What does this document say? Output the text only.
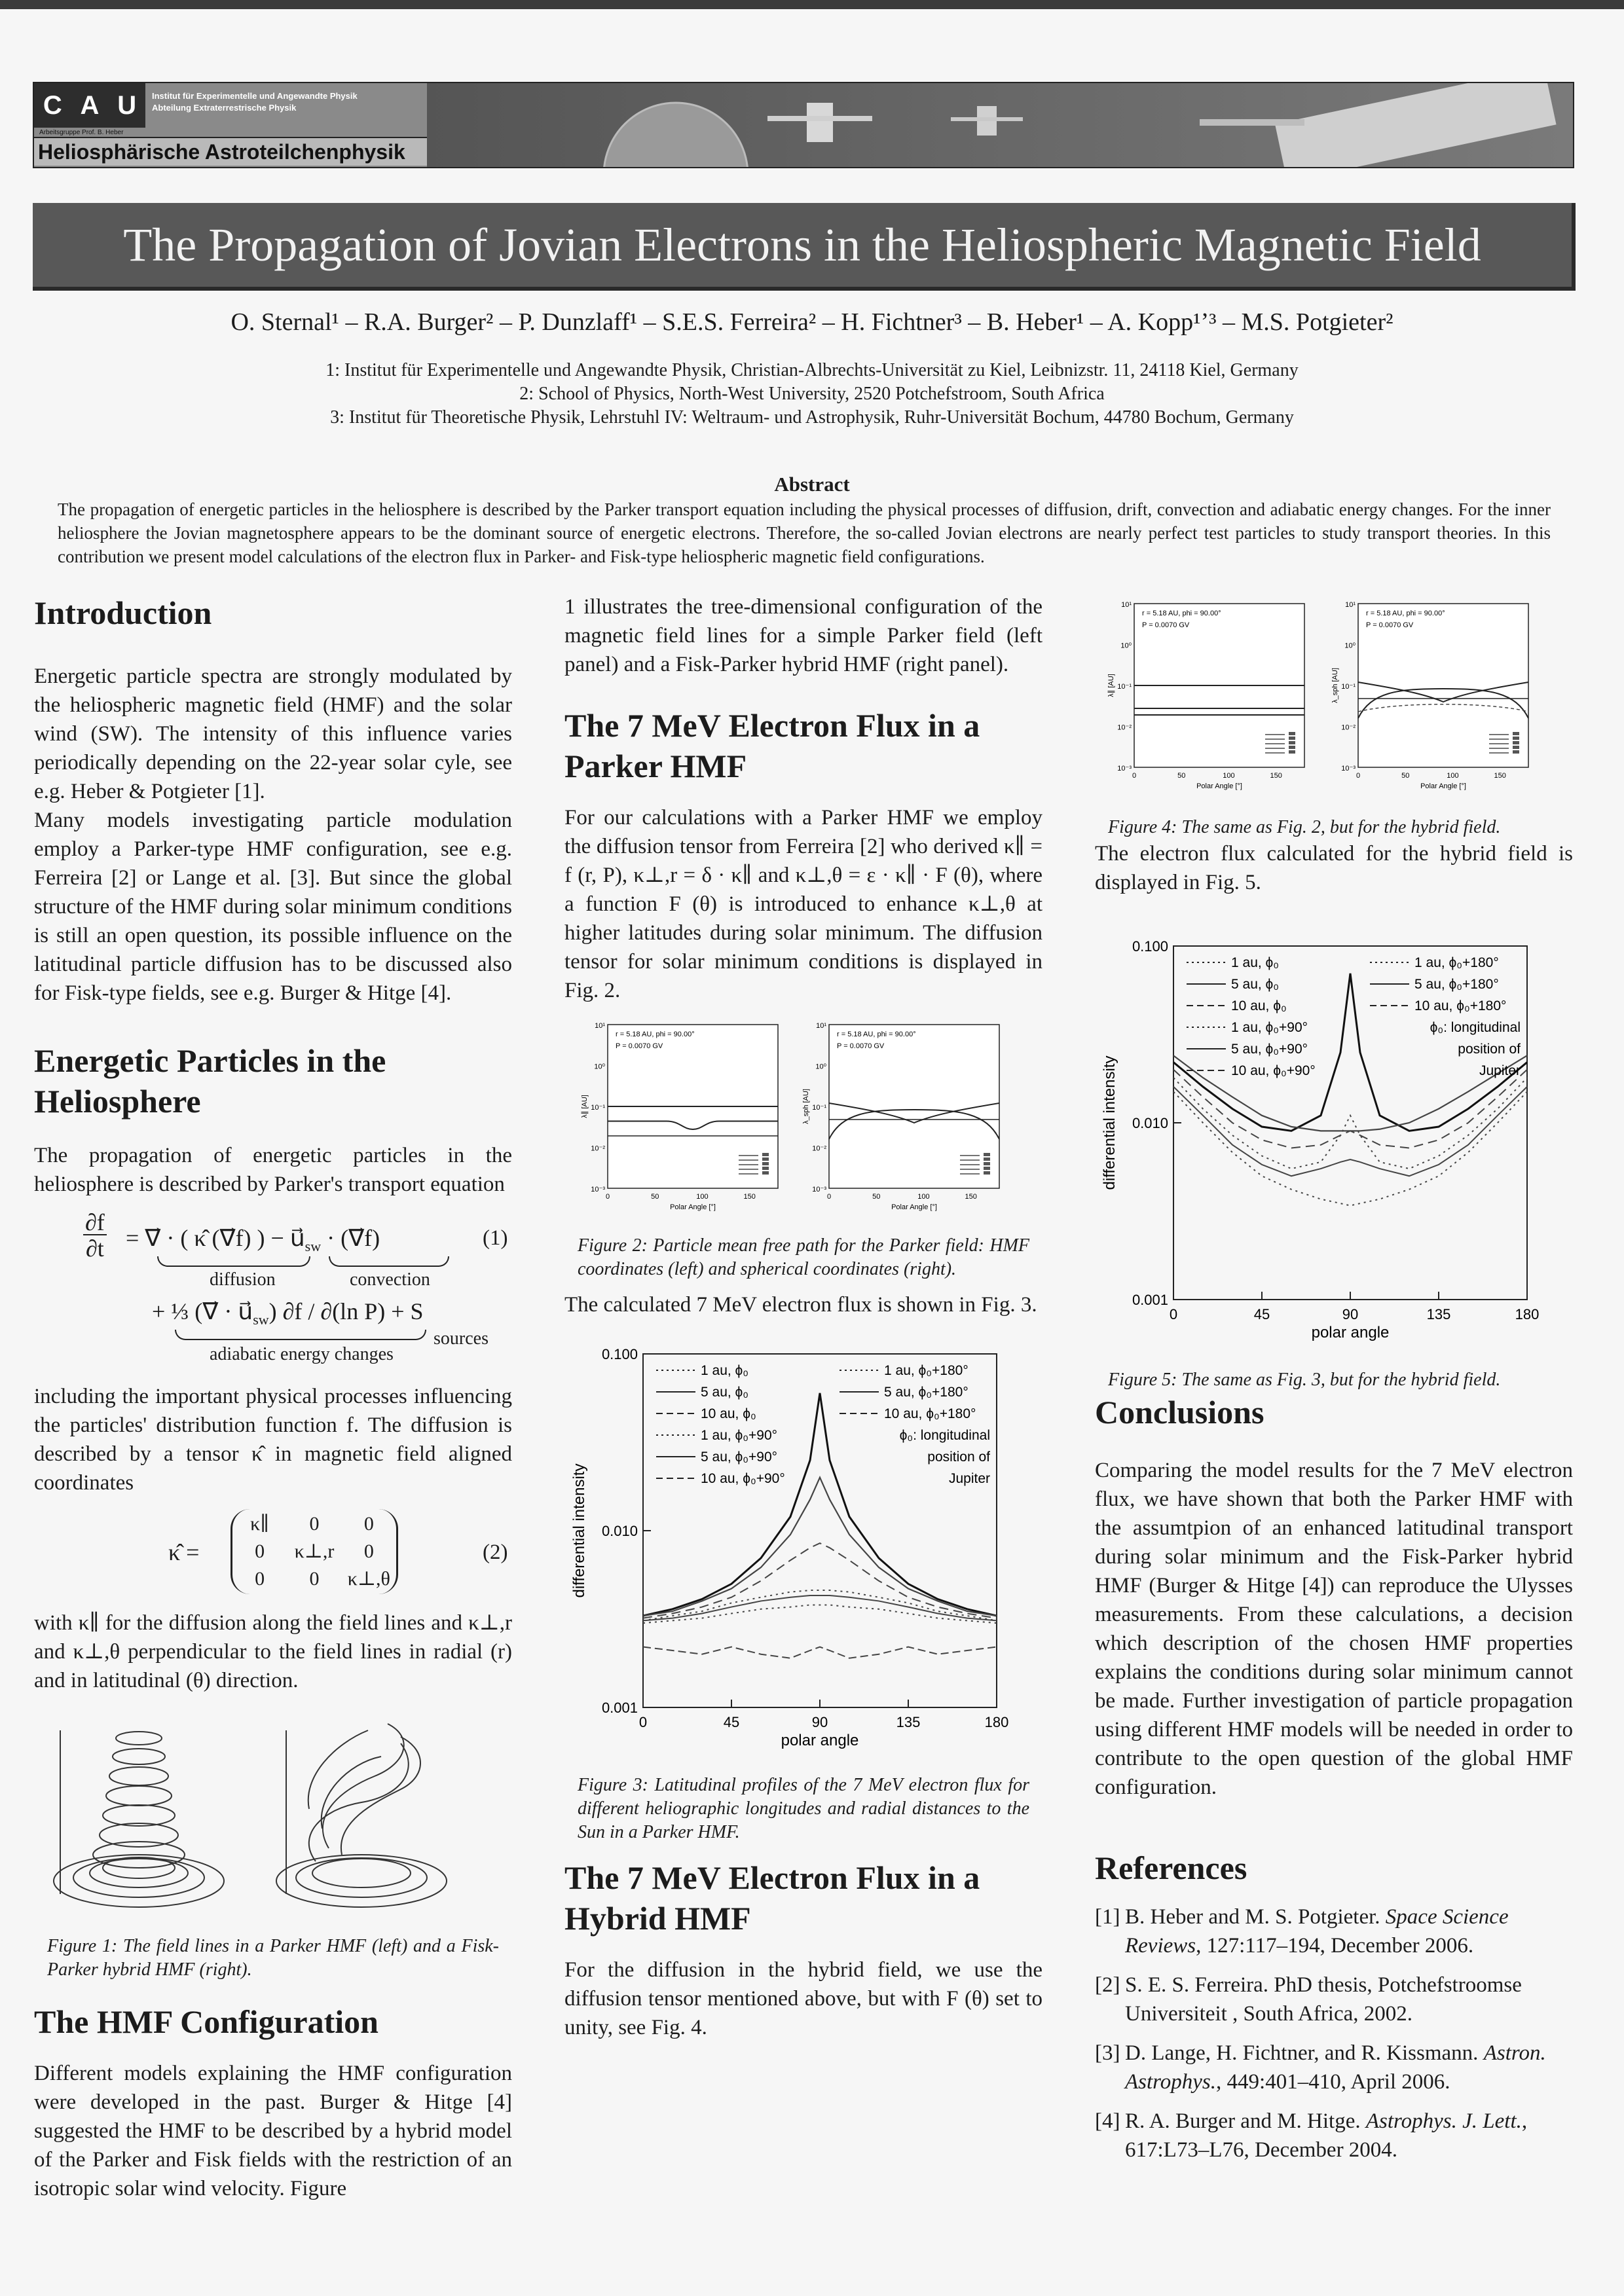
C A U Institut für Experimentelle und Angewandte Physik
Abteilung Extraterrestrische Physik
Arbeitsgruppe Prof. B. Heber
Heliosphärische Astroteilchenphysik
The Propagation of Jovian Electrons in the Heliospheric Magnetic Field
O. Sternal¹ – R.A. Burger² – P. Dunzlaff¹ – S.E.S. Ferreira² – H. Fichtner³ – B. Heber¹ – A. Kopp¹ʼ³ – M.S. Potgieter²
1: Institut für Experimentelle und Angewandte Physik, Christian-Albrechts-Universität zu Kiel, Leibnizstr. 11, 24118 Kiel, Germany
2: School of Physics, North-West University, 2520 Potchefstroom, South Africa
3: Institut für Theoretische Physik, Lehrstuhl IV: Weltraum- und Astrophysik, Ruhr-Universität Bochum, 44780 Bochum, Germany
Abstract
The propagation of energetic particles in the heliosphere is described by the Parker transport equation including the physical processes of diffusion, drift, convection and adiabatic energy changes. For the inner heliosphere the Jovian magnetosphere appears to be the dominant source of energetic electrons. Therefore, the so-called Jovian electrons are nearly perfect test particles to study transport theories. In this contribution we present model calculations of the electron flux in Parker- and Fisk-type heliospheric magnetic field configurations.
Introduction

Energetic particle spectra are strongly modulated by the heliospheric magnetic field (HMF) and the solar wind (SW). The intensity of this influence varies periodically depending on the 22-year solar cyle, see e.g. Heber & Potgieter [1].

Many models investigating particle modulation employ a Parker-type HMF configuration, see e.g. Ferreira [2] or Lange et al. [3]. But since the global structure of the HMF during solar minimum conditions is still an open question, its possible influence on the latitudinal particle diffusion has to be discussed also for Fisk-type fields, see e.g. Burger & Hitge [4].

Energetic Particles in the Heliosphere

The propagation of energetic particles in the heliosphere is described by Parker's transport equation

∂f
∂t = ∇⃗ · ( κ̂ (∇⃗f) ) − $u⃗_{sw}$ · (∇⃗f)
diffusion	convection
(1)
+ ⅓ (∇⃗ · $u⃗_{sw}$) ∂f / ∂(ln P) + S
sources
adiabatic energy changes

including the important physical processes influencing the particles' distribution function f. The diffusion is described by a tensor κ̂ in magnetic field aligned coordinates

κ̂ =
κ∥	0	0
0	κ⊥,r	0
0	0	κ⊥,θ
(2)

with κ∥ for the diffusion along the field lines and κ⊥,r and κ⊥,θ perpendicular to the field lines in radial (r) and in latitudinal (θ) direction.

Figure 1: The field lines in a Parker HMF (left) and a Fisk-Parker hybrid HMF (right).
The HMF Configuration

Different models explaining the HMF configuration were developed in the past. Burger & Hitge [4] suggested the HMF to be described by a hybrid model of the Parker and Fisk fields with the restriction of an isotropic solar wind velocity. Figure

1 illustrates the tree-dimensional configuration of the magnetic field lines for a simple Parker field (left panel) and a Fisk-Parker hybrid HMF (right panel).

The 7 MeV Electron Flux in a Parker HMF

For our calculations with a Parker HMF we employ the diffusion tensor from Ferreira [2] who derived κ∥ = f (r, P), κ⊥,r = δ · κ∥ and κ⊥,θ = ε · κ∥ · F (θ), where a function F (θ) is introduced to enhance κ⊥,θ at higher latitudes during solar minimum. The diffusion tensor for solar minimum conditions is displayed in Fig. 2.

10¹
10⁰
10⁻¹
10⁻²
10⁻³
0	50	100	150
Polar Angle [°]
λ∥ [AU]
r = 5.18 AU, phi = 90.00°
P = 0.0070 GV
10¹
10⁰
10⁻¹
10⁻²
10⁻³
0	50	100	150
Polar Angle [°]
λ_sph [AU]
r = 5.18 AU, phi = 90.00°
P = 0.0070 GV
Figure 2: Particle mean free path for the Parker field: HMF coordinates (left) and spherical coordinates (right).

The calculated 7 MeV electron flux is shown in Fig. 3.

0	45	90	135	180
0.100
0.010
0.001
polar angle
differential intensity
1 au, ϕ₀
5 au, ϕ₀
10 au, ϕ₀
1 au, ϕ₀+90°
5 au, ϕ₀+90°
10 au, ϕ₀+90°
1 au, ϕ₀+180°
5 au, ϕ₀+180°
10 au, ϕ₀+180°
ϕ₀: longitudinal
position of
Jupiter
Figure 3: Latitudinal profiles of the 7 MeV electron flux for different heliographic longitudes and radial distances to the Sun in a Parker HMF.
The 7 MeV Electron Flux in a Hybrid HMF

For the diffusion in the hybrid field, we use the diffusion tensor mentioned above, but with F (θ) set to unity, see Fig. 4.

10¹
10⁰
10⁻¹
10⁻²
10⁻³
0	50	100	150
Polar Angle [°]
λ∥ [AU]
r = 5.18 AU, phi = 90.00°
P = 0.0070 GV
10¹
10⁰
10⁻¹
10⁻²
10⁻³
0	50	100	150
Polar Angle [°]
λ_sph [AU]
r = 5.18 AU, phi = 90.00°
P = 0.0070 GV
Figure 4: The same as Fig. 2, but for the hybrid field.

The electron flux calculated for the hybrid field is displayed in Fig. 5.

0	45	90	135	180
0.100
0.010
0.001
polar angle
differential intensity
1 au, ϕ₀
5 au, ϕ₀
10 au, ϕ₀
1 au, ϕ₀+90°
5 au, ϕ₀+90°
10 au, ϕ₀+90°
1 au, ϕ₀+180°
5 au, ϕ₀+180°
10 au, ϕ₀+180°
ϕ₀: longitudinal
position of
Jupiter
Figure 5: The same as Fig. 3, but for the hybrid field.
Conclusions

Comparing the model results for the 7 MeV electron flux, we have shown that both the Parker HMF with the assumtpion of an enhanced latitudinal transport during solar minimum and the Fisk-Parker hybrid HMF (Burger & Hitge [4]) can reproduce the Ulysses measurements. From these calculations, a decision which description of the chosen HMF properties explains the conditions during solar minimum cannot be made. Further investigation of particle propagation using different HMF models will be needed in order to contribute to the open question of the global HMF configuration.

References
[1] B. Heber and M. S. Potgieter. Space Science Reviews, 127:117–194, December 2006.
[2] S. E. S. Ferreira. PhD thesis, Potchefstroomse Universiteit , South Africa, 2002.
[3] D. Lange, H. Fichtner, and R. Kissmann. Astron. Astrophys., 449:401–410, April 2006.
[4] R. A. Burger and M. Hitge. Astrophys. J. Lett., 617:L73–L76, December 2004.
